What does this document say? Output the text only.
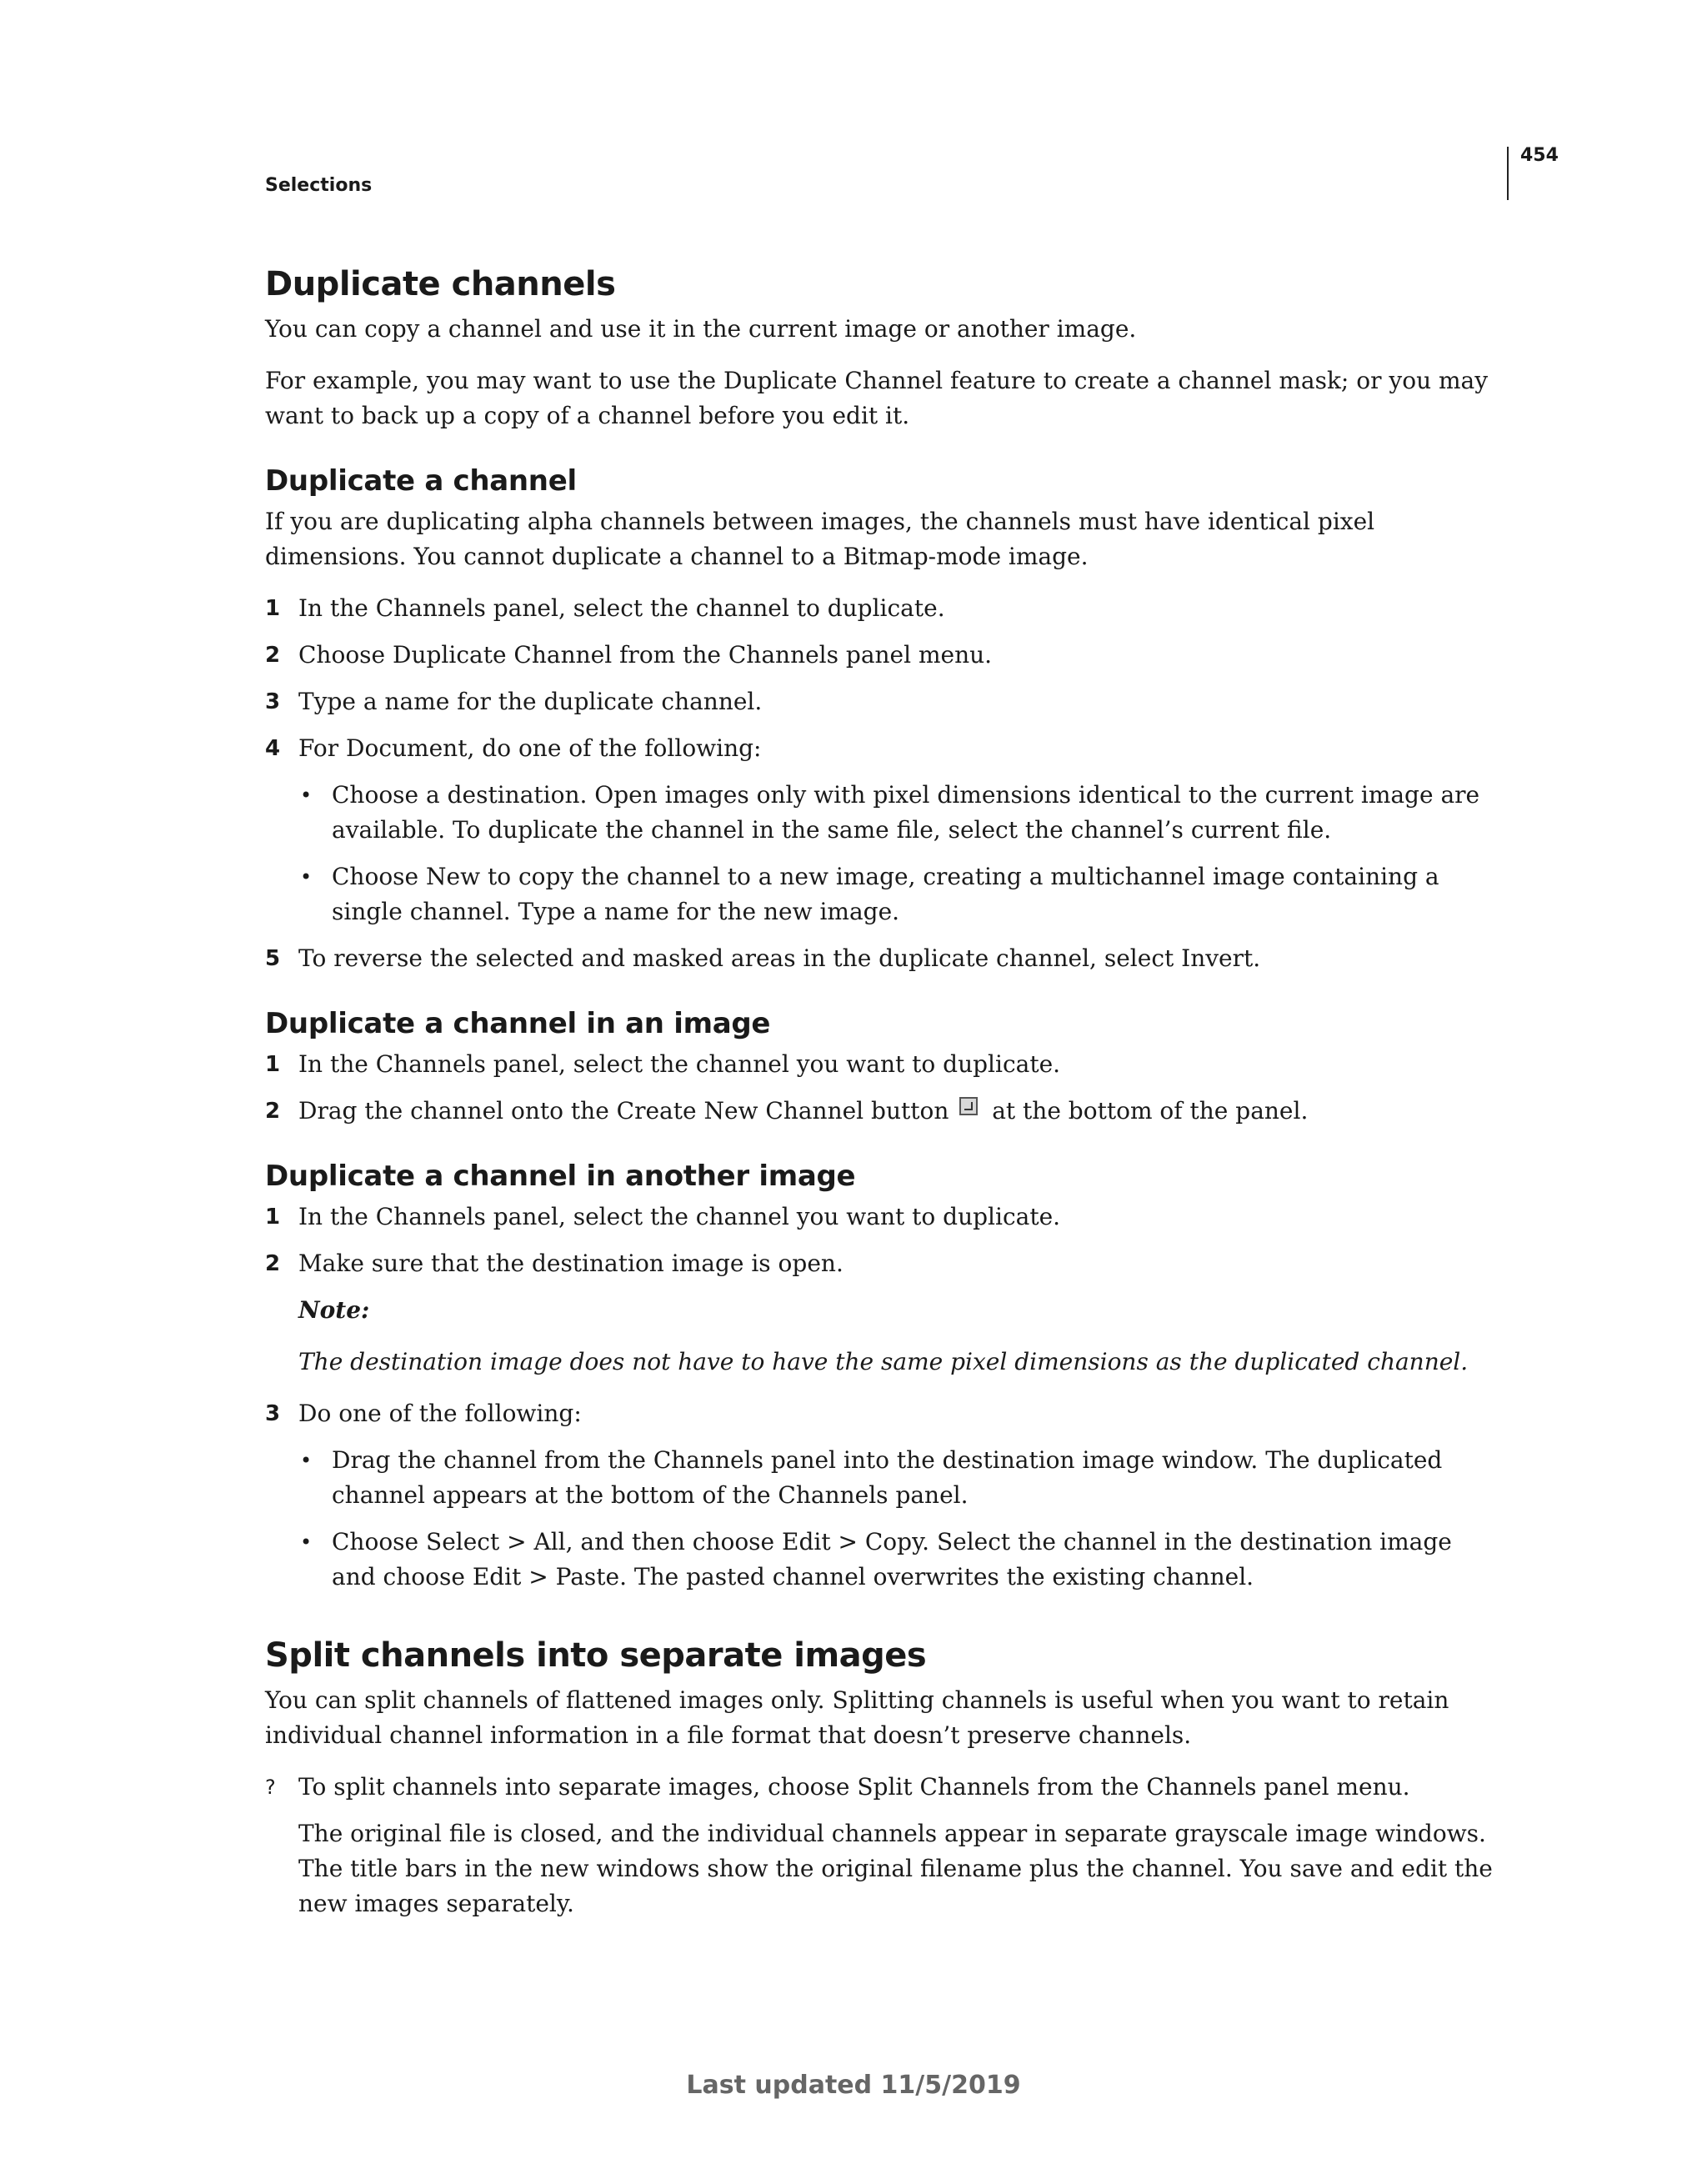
Selections
454
Duplicate channels

You can copy a channel and use it in the current image or another image.

For example, you may want to use the Duplicate Channel feature to create a channel mask; or you may want to back up a copy of a channel before you edit it.

Duplicate a channel

If you are duplicating alpha channels between images, the channels must have identical pixel dimensions. You cannot duplicate a channel to a Bitmap-mode image.

1 In the Channels panel, select the channel to duplicate.
2 Choose Duplicate Channel from the Channels panel menu.
3 Type a name for the duplicate channel.
4 For Document, do one of the following:
• Choose a destination. Open images only with pixel dimensions identical to the current image are available. To duplicate the channel in the same file, select the channel’s current file.
• Choose New to copy the channel to a new image, creating a multichannel image containing a single channel. Type a name for the new image.
5 To reverse the selected and masked areas in the duplicate channel, select Invert.
Duplicate a channel in an image
1 In the Channels panel, select the channel you want to duplicate.
2 Drag the channel onto the Create New Channel button at the bottom of the panel.
Duplicate a channel in another image
1 In the Channels panel, select the channel you want to duplicate.
2 Make sure that the destination image is open.
Note:
The destination image does not have to have the same pixel dimensions as the duplicated channel.
3 Do one of the following:
• Drag the channel from the Channels panel into the destination image window. The duplicated channel appears at the bottom of the Channels panel.
• Choose Select > All, and then choose Edit > Copy. Select the channel in the destination image and choose Edit > Paste. The pasted channel overwrites the existing channel.
Split channels into separate images

You can split channels of flattened images only. Splitting channels is useful when you want to retain individual channel information in a file format that doesn’t preserve channels.

? To split channels into separate images, choose Split Channels from the Channels panel menu.
The original file is closed, and the individual channels appear in separate grayscale image windows. The title bars in the new windows show the original filename plus the channel. You save and edit the new images separately.
Last updated 11/5/2019
